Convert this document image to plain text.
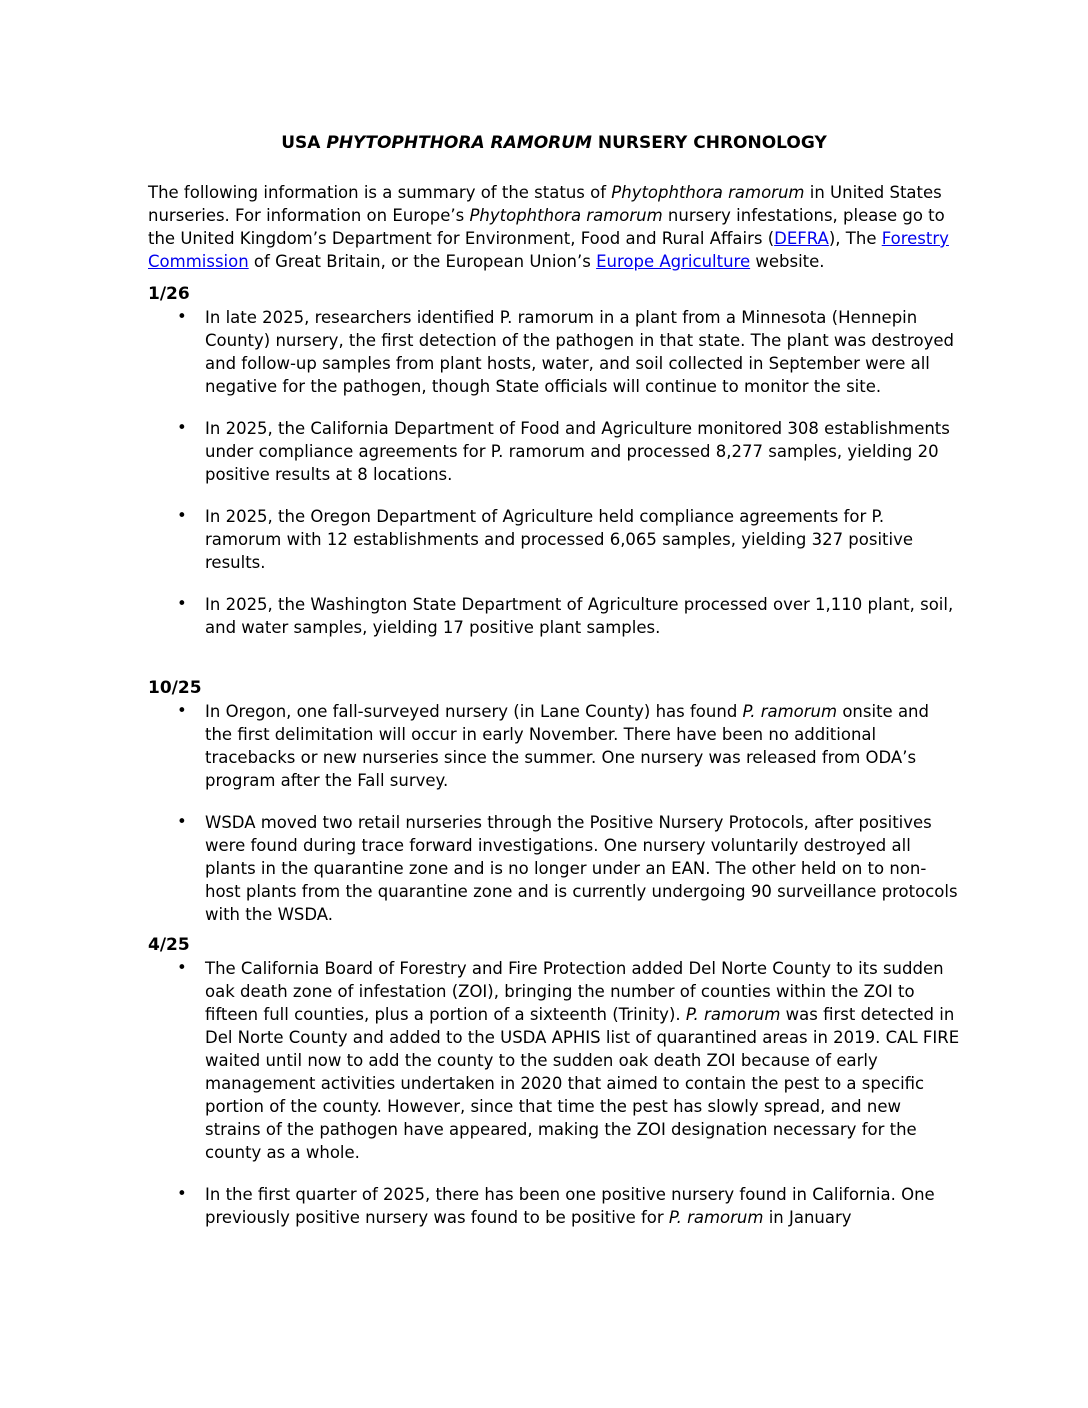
USA PHYTOPHTHORA RAMORUM NURSERY CHRONOLOGY

The following information is a summary of the status of Phytophthora ramorum in United States nurseries. For information on Europe’s Phytophthora ramorum nursery infestations, please go to the United Kingdom’s Department for Environment, Food and Rural Affairs (DEFRA), The Forestry Commission of Great Britain, or the European Union’s Europe Agriculture website.

1/26
• In late 2025, researchers identified P. ramorum in a plant from a Minnesota (Hennepin County) nursery, the first detection of the pathogen in that state. The plant was destroyed and follow-up samples from plant hosts, water, and soil collected in September were all negative for the pathogen, though State officials will continue to monitor the site.
• In 2025, the California Department of Food and Agriculture monitored 308 establishments under compliance agreements for P. ramorum and processed 8,277 samples, yielding 20 positive results at 8 locations.
• In 2025, the Oregon Department of Agriculture held compliance agreements for P. ramorum with 12 establishments and processed 6,065 samples, yielding 327 positive results.
• In 2025, the Washington State Department of Agriculture processed over 1,110 plant, soil, and water samples, yielding 17 positive plant samples.
10/25
• In Oregon, one fall-surveyed nursery (in Lane County) has found P. ramorum onsite and the first delimitation will occur in early November. There have been no additional tracebacks or new nurseries since the summer. One nursery was released from ODA’s program after the Fall survey.
• WSDA moved two retail nurseries through the Positive Nursery Protocols, after positives were found during trace forward investigations. One nursery voluntarily destroyed all plants in the quarantine zone and is no longer under an EAN. The other held on to non-host plants from the quarantine zone and is currently undergoing 90 surveillance protocols with the WSDA.
4/25
• The California Board of Forestry and Fire Protection added Del Norte County to its sudden oak death zone of infestation (ZOI), bringing the number of counties within the ZOI to fifteen full counties, plus a portion of a sixteenth (Trinity). P. ramorum was first detected in Del Norte County and added to the USDA APHIS list of quarantined areas in 2019. CAL FIRE waited until now to add the county to the sudden oak death ZOI because of early management activities undertaken in 2020 that aimed to contain the pest to a specific portion of the county. However, since that time the pest has slowly spread, and new strains of the pathogen have appeared, making the ZOI designation necessary for the county as a whole.
• In the first quarter of 2025, there has been one positive nursery found in California. One previously positive nursery was found to be positive for P. ramorum in January
